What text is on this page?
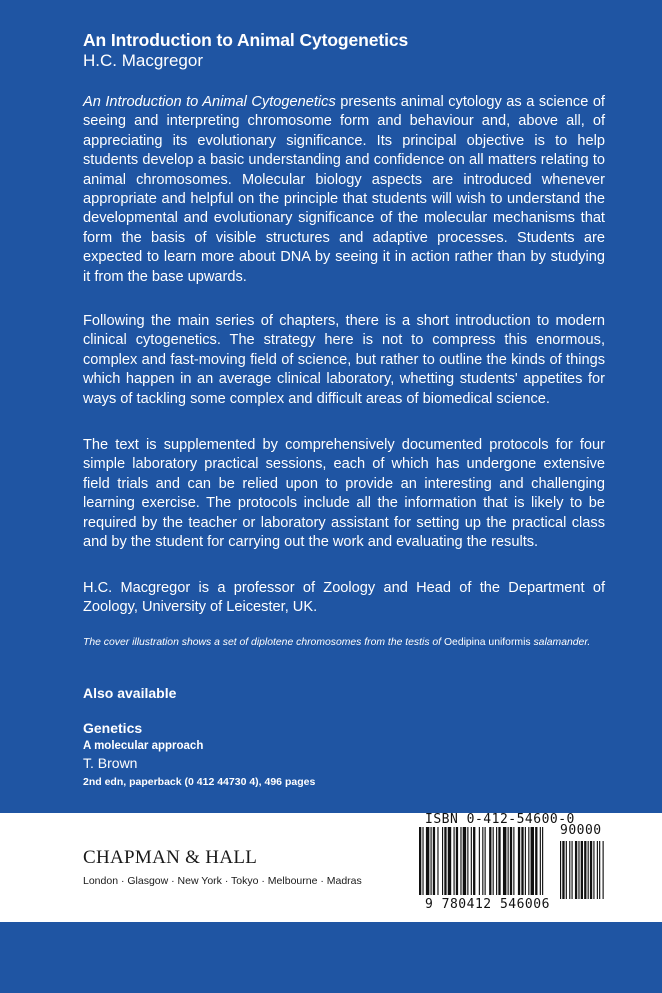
An Introduction to Animal Cytogenetics
H.C. Macgregor

An Introduction to Animal Cytogenetics presents animal cytology as a science of seeing and interpreting chromosome form and behaviour and, above all, of appreciating its evolutionary significance. Its principal objective is to help students develop a basic understanding and confidence on all matters relating to animal chromosomes. Molecular biology aspects are introduced whenever appropriate and helpful on the principle that students will wish to understand the developmental and evolutionary significance of the molecular mechanisms that form the basis of visible structures and adaptive processes. Students are expected to learn more about DNA by seeing it in action rather than by studying it from the base upwards.

Following the main series of chapters, there is a short introduction to modern clinical cytogenetics. The strategy here is not to compress this enormous, complex and fast-moving field of science, but rather to outline the kinds of things which happen in an average clinical laboratory, whetting students' appetites for ways of tackling some complex and difficult areas of biomedical science.

The text is supplemented by comprehensively documented protocols for four simple laboratory practical sessions, each of which has undergone extensive field trials and can be relied upon to provide an interesting and challenging learning exercise. The protocols include all the information that is likely to be required by the teacher or laboratory assistant for setting up the practical class and by the student for carrying out the work and evaluating the results.

H.C. Macgregor is a professor of Zoology and Head of the Department of Zoology, University of Leicester, UK.

The cover illustration shows a set of diplotene chromosomes from the testis of Oedipina uniformis salamander.

Also available
Genetics
A molecular approach
T. Brown
2nd edn, paperback (0 412 44730 4), 496 pages
CHAPMAN & HALL
London · Glasgow · New York · Tokyo · Melbourne · Madras
ISBN 0-412-54600-0
90000
9 780412 546006
